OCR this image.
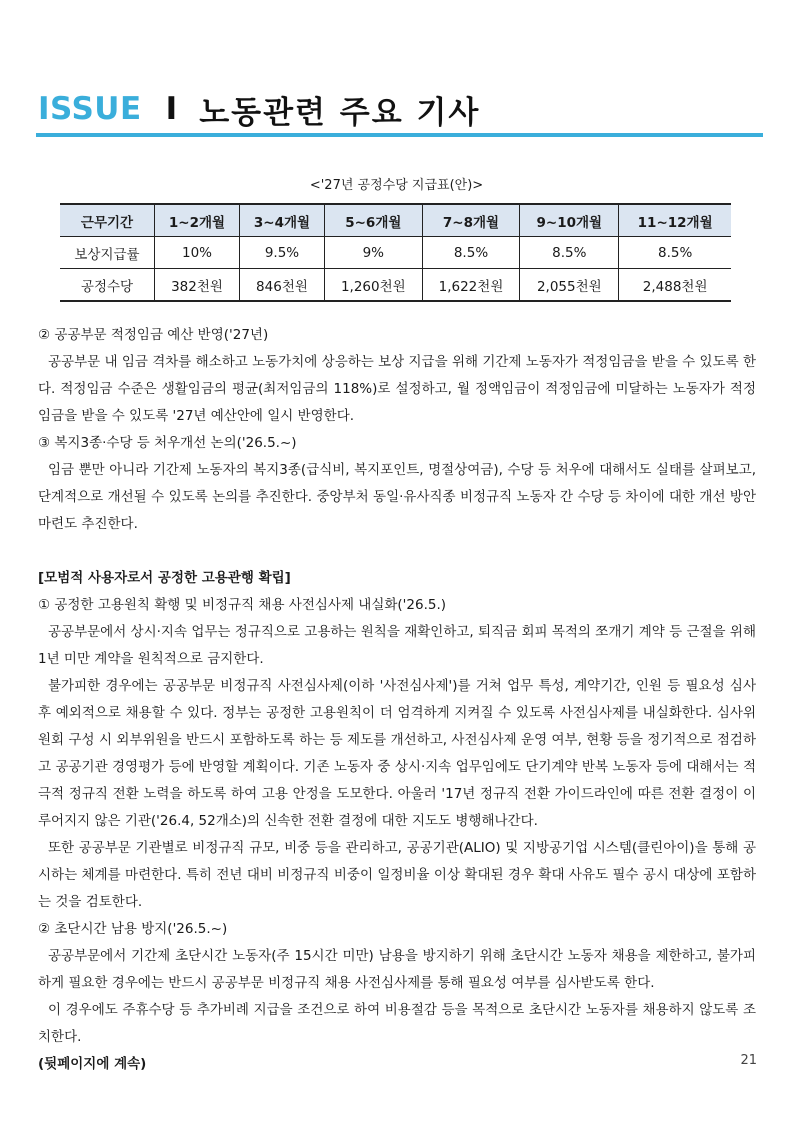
ISSUE I 노동관련 주요 기사
<'27년 공정수당 지급표(안)>
근무기간	1~2개월	3~4개월	5~6개월	7~8개월	9~10개월	11~12개월
보상지급률	10%	9.5%	9%	8.5%	8.5%	8.5%
공정수당	382천원	846천원	1,260천원	1,622천원	2,055천원	2,488천원

② 공공부문 적정임금 예산 반영('27년)

공공부문 내 임금 격차를 해소하고 노동가치에 상응하는 보상 지급을 위해 기간제 노동자가 적정임금을 받을 수 있도록 한다. 적정임금 수준은 생활임금의 평균(최저임금의 118%)로 설정하고, 월 정액임금이 적정임금에 미달하는 노동자가 적정임금을 받을 수 있도록 '27년 예산안에 일시 반영한다.

③ 복지3종·수당 등 처우개선 논의('26.5.~)

임금 뿐만 아니라 기간제 노동자의 복지3종(급식비, 복지포인트, 명절상여금), 수당 등 처우에 대해서도 실태를 살펴보고, 단계적으로 개선될 수 있도록 논의를 추진한다. 중앙부처 동일·유사직종 비정규직 노동자 간 수당 등 차이에 대한 개선 방안 마련도 추진한다.

[모범적 사용자로서 공정한 고용관행 확립]

① 공정한 고용원칙 확행 및 비정규직 채용 사전심사제 내실화('26.5.)

공공부문에서 상시·지속 업무는 정규직으로 고용하는 원칙을 재확인하고, 퇴직금 회피 목적의 쪼개기 계약 등 근절을 위해 1년 미만 계약을 원칙적으로 금지한다.

불가피한 경우에는 공공부문 비정규직 사전심사제(이하 '사전심사제')를 거쳐 업무 특성, 계약기간, 인원 등 필요성 심사 후 예외적으로 채용할 수 있다. 정부는 공정한 고용원칙이 더 엄격하게 지켜질 수 있도록 사전심사제를 내실화한다. 심사위원회 구성 시 외부위원을 반드시 포함하도록 하는 등 제도를 개선하고, 사전심사제 운영 여부, 현황 등을 정기적으로 점검하고 공공기관 경영평가 등에 반영할 계획이다. 기존 노동자 중 상시·지속 업무임에도 단기계약 반복 노동자 등에 대해서는 적극적 정규직 전환 노력을 하도록 하여 고용 안정을 도모한다. 아울러 '17년 정규직 전환 가이드라인에 따른 전환 결정이 이루어지지 않은 기관('26.4, 52개소)의 신속한 전환 결정에 대한 지도도 병행해나간다.

또한 공공부문 기관별로 비정규직 규모, 비중 등을 관리하고, 공공기관(ALIO) 및 지방공기업 시스템(클린아이)을 통해 공시하는 체계를 마련한다. 특히 전년 대비 비정규직 비중이 일정비율 이상 확대된 경우 확대 사유도 필수 공시 대상에 포함하는 것을 검토한다.

② 초단시간 남용 방지('26.5.~)

공공부문에서 기간제 초단시간 노동자(주 15시간 미만) 남용을 방지하기 위해 초단시간 노동자 채용을 제한하고, 불가피하게 필요한 경우에는 반드시 공공부문 비정규직 채용 사전심사제를 통해 필요성 여부를 심사받도록 한다.

이 경우에도 주휴수당 등 추가비례 지급을 조건으로 하여 비용절감 등을 목적으로 초단시간 노동자를 채용하지 않도록 조치한다.

(뒷페이지에 계속)	21
